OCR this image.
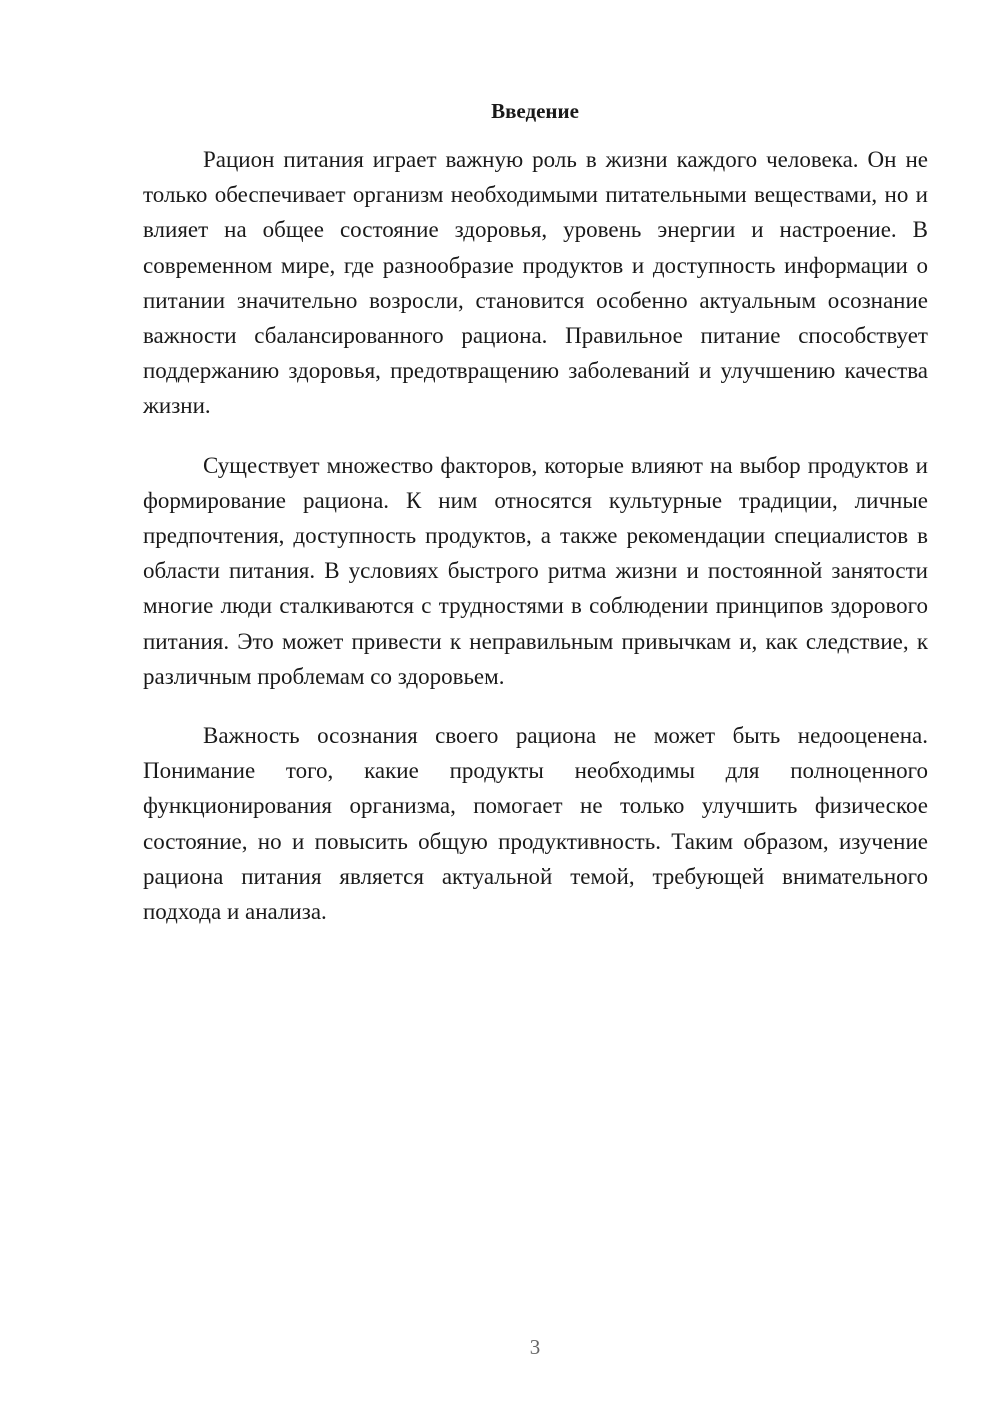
Введение

Рацион питания играет важную роль в жизни каждого человека. Он не только обеспечивает организм необходимыми питательными веществами, но и влияет на общее состояние здоровья, уровень энергии и настроение. В современном мире, где разнообразие продуктов и доступность информации о питании значительно возросли, становится особенно актуальным осознание важности сбалансированного рациона. Правильное питание способствует поддержанию здоровья, предотвращению заболеваний и улучшению качества жизни.

Существует множество факторов, которые влияют на выбор продуктов и формирование рациона. К ним относятся культурные традиции, личные предпочтения, доступность продуктов, а также рекомендации специалистов в области питания. В условиях быстрого ритма жизни и постоянной занятости многие люди сталкиваются с трудностями в соблюдении принципов здорового питания. Это может привести к неправильным привычкам и, как следствие, к различным проблемам со здоровьем.

Важность осознания своего рациона не может быть недооценена. Понимание того, какие продукты необходимы для полноценного функционирования организма, помогает не только улучшить физическое состояние, но и повысить общую продуктивность. Таким образом, изучение рациона питания является актуальной темой, требующей внимательного подхода и анализа.

3
